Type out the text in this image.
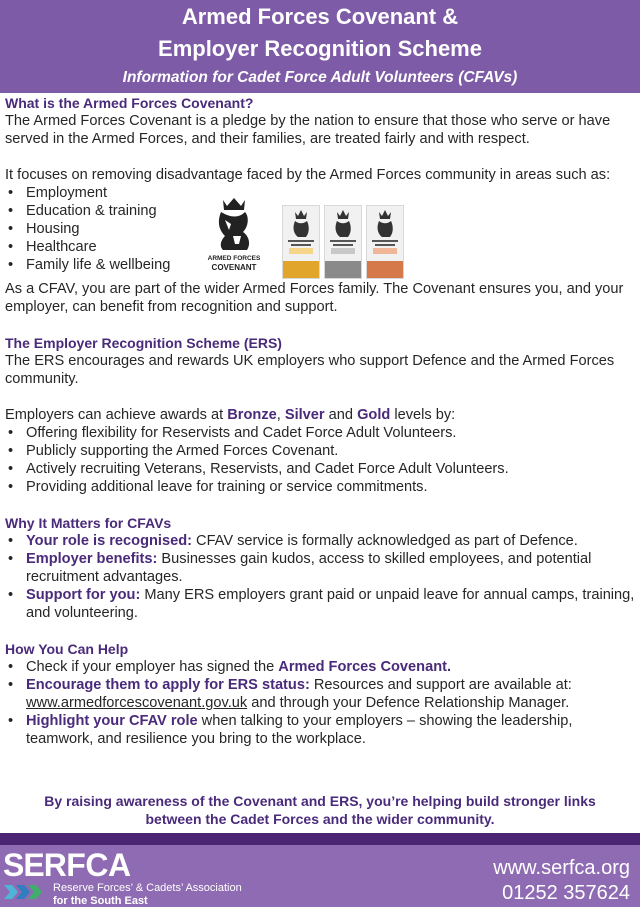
Armed Forces Covenant &
Employer Recognition Scheme
Information for Cadet Force Adult Volunteers (CFAVs)
What is the Armed Forces Covenant?

The Armed Forces Covenant is a pledge by the nation to ensure that those who serve or have served in the Armed Forces, and their families, are treated fairly and with respect.

It focuses on removing disadvantage faced by the Armed Forces community in areas such as:

• Employment
• Education & training
• Housing
• Healthcare
• Family life & wellbeing	ARMED FORCES
COVENANT

As a CFAV, you are part of the wider Armed Forces family. The Covenant ensures you, and your employer, can benefit from recognition and support.

The Employer Recognition Scheme (ERS)

The ERS encourages and rewards UK employers who support Defence and the Armed Forces community.

Employers can achieve awards at Bronze, Silver and Gold levels by:

• Offering flexibility for Reservists and Cadet Force Adult Volunteers.
• Publicly supporting the Armed Forces Covenant.
• Actively recruiting Veterans, Reservists, and Cadet Force Adult Volunteers.
• Providing additional leave for training or service commitments.
Why It Matters for CFAVs
• Your role is recognised: CFAV service is formally acknowledged as part of Defence.
• Employer benefits: Businesses gain kudos, access to skilled employees, and potential recruitment advantages.
• Support for you: Many ERS employers grant paid or unpaid leave for annual camps, training, and volunteering.
How You Can Help
• Check if your employer has signed the Armed Forces Covenant.
• Encourage them to apply for ERS status: Resources and support are available at: www.armedforcescovenant.gov.uk and through your Defence Relationship Manager.
• Highlight your CFAV role when talking to your employers – showing the leadership, teamwork, and resilience you bring to the workplace.
By raising awareness of the Covenant and ERS, you’re helping build stronger links
between the Cadet Forces and the wider community.
SERFCA
Reserve Forces’ & Cadets’ Association
for the South East
www.serfca.org
01252 357624
